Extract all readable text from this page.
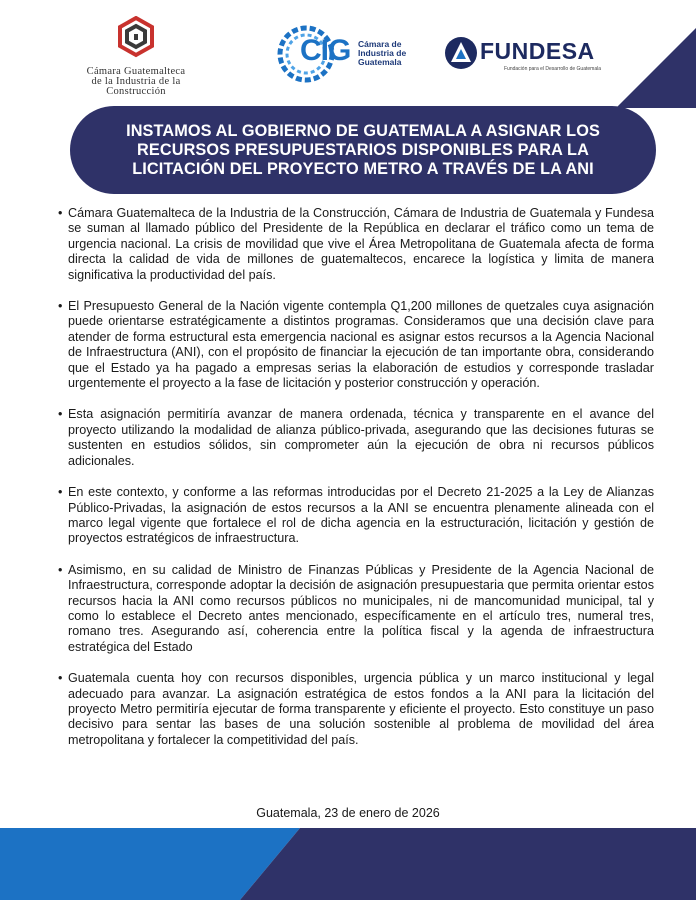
Cámara Guatemalteca
de la Industria de la
Construcción
CIG Cámara de
Industria de
Guatemala	FUNDESA
Fundación para el Desarrollo de Guatemala
INSTAMOS AL GOBIERNO DE GUATEMALA A ASIGNAR LOS RECURSOS PRESUPUESTARIOS DISPONIBLES PARA LA LICITACIÓN DEL PROYECTO METRO A TRAVÉS DE LA ANI

• Cámara Guatemalteca de la Industria de la Construcción, Cámara de Industria de Guatemala y Fundesa se suman al llamado público del Presidente de la República en declarar el tráfico como un tema de urgencia nacional. La crisis de movilidad que vive el Área Metropolitana de Guatemala afecta de forma directa la calidad de vida de millones de guatemaltecos, encarece la logística y limita de manera significativa la productividad del país.

• El Presupuesto General de la Nación vigente contempla Q1,200 millones de quetzales cuya asignación puede orientarse estratégicamente a distintos programas. Consideramos que una decisión clave para atender de forma estructural esta emergencia nacional es asignar estos recursos a la Agencia Nacional de Infraestructura (ANI), con el propósito de financiar la ejecución de tan importante obra, considerando que el Estado ya ha pagado a empresas serias la elaboración de estudios y corresponde trasladar urgentemente el proyecto a la fase de licitación y posterior construcción y operación.

• Esta asignación permitiría avanzar de manera ordenada, técnica y transparente en el avance del proyecto utilizando la modalidad de alianza público-privada, asegurando que las decisiones futuras se sustenten en estudios sólidos, sin comprometer aún la ejecución de obra ni recursos públicos adicionales.

• En este contexto, y conforme a las reformas introducidas por el Decreto 21-2025 a la Ley de Alianzas Público-Privadas, la asignación de estos recursos a la ANI se encuentra plenamente alineada con el marco legal vigente que fortalece el rol de dicha agencia en la estructuración, licitación y gestión de proyectos estratégicos de infraestructura.

• Asimismo, en su calidad de Ministro de Finanzas Públicas y Presidente de la Agencia Nacional de Infraestructura, corresponde adoptar la decisión de asignación presupuestaria que permita orientar estos recursos hacia la ANI como recursos públicos no municipales, ni de mancomunidad municipal, tal y como lo establece el Decreto antes mencionado, específicamente en el artículo tres, numeral tres, romano tres. Asegurando así, coherencia entre la política fiscal y la agenda de infraestructura estratégica del Estado

• Guatemala cuenta hoy con recursos disponibles, urgencia pública y un marco institucional y legal adecuado para avanzar. La asignación estratégica de estos fondos a la ANI para la licitación del proyecto Metro permitiría ejecutar de forma transparente y eficiente el proyecto. Esto constituye un paso decisivo para sentar las bases de una solución sostenible al problema de movilidad del área metropolitana y fortalecer la competitividad del país.

Guatemala, 23 de enero de 2026
